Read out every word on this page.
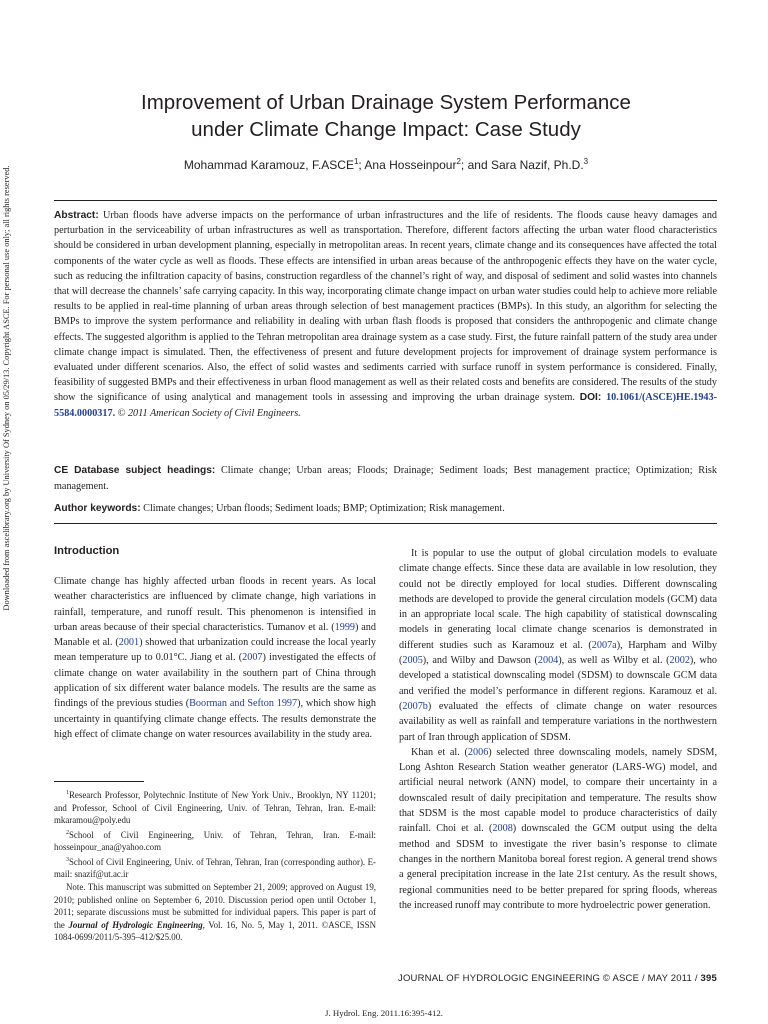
Downloaded from ascelibrary.org by University Of Sydney on 05/29/13. Copyright ASCE. For personal use only; all rights reserved.
Improvement of Urban Drainage System Performance
under Climate Change Impact: Case Study
Mohammad Karamouz, F.ASCE$^1$; Ana Hosseinpour$^2$; and Sara Nazif, Ph.D.$^3$

Abstract: Urban floods have adverse impacts on the performance of urban infrastructures and the life of residents. The floods cause heavy damages and perturbation in the serviceability of urban infrastructures as well as transportation. Therefore, different factors affecting the urban water flood characteristics should be considered in urban development planning, especially in metropolitan areas. In recent years, climate change and its consequences have affected the total components of the water cycle as well as floods. These effects are intensified in urban areas because of the anthropogenic effects they have on the water cycle, such as reducing the infiltration capacity of basins, construction regardless of the channel’s right of way, and disposal of sediment and solid wastes into channels that will decrease the channels’ safe carrying capacity. In this way, incorporating climate change impact on urban water studies could help to achieve more reliable results to be applied in real-time planning of urban areas through selection of best management practices (BMPs). In this study, an algorithm for selecting the BMPs to improve the system performance and reliability in dealing with urban flash floods is proposed that considers the anthropogenic and climate change effects. The suggested algorithm is applied to the Tehran metropolitan area drainage system as a case study. First, the future rainfall pattern of the study area under climate change impact is simulated. Then, the effectiveness of present and future development projects for improvement of drainage system performance is evaluated under different scenarios. Also, the effect of solid wastes and sediments carried with surface runoff in system performance is considered. Finally, feasibility of suggested BMPs and their effectiveness in urban flood management as well as their related costs and benefits are considered. The results of the study show the significance of using analytical and management tools in assessing and improving the urban drainage system. DOI: 10.1061/(ASCE)HE.1943-5584.0000317. © 2011 American Society of Civil Engineers.

CE Database subject headings: Climate change; Urban areas; Floods; Drainage; Sediment loads; Best management practice; Optimization; Risk management.

Author keywords: Climate changes; Urban floods; Sediment loads; BMP; Optimization; Risk management.

Introduction

Climate change has highly affected urban floods in recent years. As local weather characteristics are influenced by climate change, high variations in rainfall, temperature, and runoff result. This phenomenon is intensified in urban areas because of their special characteristics. Tumanov et al. (1999) and Manable et al. (2001) showed that urbanization could increase the local yearly mean temperature up to 0.01°C. Jiang et al. (2007) investigated the effects of climate change on water availability in the southern part of China through application of six different water balance models. The results are the same as findings of the previous studies (Boorman and Sefton 1997), which show high uncertainty in quantifying climate change effects. The results demonstrate the high effect of climate change on water resources availability in the study area.

$^1$Research Professor, Polytechnic Institute of New York Univ., Brooklyn, NY 11201; and Professor, School of Civil Engineering, Univ. of Tehran, Tehran, Iran. E-mail: mkaramou@poly.edu

$^2$School of Civil Engineering, Univ. of Tehran, Tehran, Iran. E-mail: hosseinpour_ana@yahoo.com

$^3$School of Civil Engineering, Univ. of Tehran, Tehran, Iran (corresponding author). E-mail: snazif@ut.ac.ir

Note. This manuscript was submitted on September 21, 2009; approved on August 19, 2010; published online on September 6, 2010. Discussion period open until October 1, 2011; separate discussions must be submitted for individual papers. This paper is part of the Journal of Hydrologic Engineering, Vol. 16, No. 5, May 1, 2011. ©ASCE, ISSN 1084-0699/2011/5-395–412/$25.00.

It is popular to use the output of global circulation models to evaluate climate change effects. Since these data are available in low resolution, they could not be directly employed for local studies. Different downscaling methods are developed to provide the general circulation models (GCM) data in an appropriate local scale. The high capability of statistical downscaling models in generating local climate change scenarios is demonstrated in different studies such as Karamouz et al. (2007a), Harpham and Wilby (2005), and Wilby and Dawson (2004), as well as Wilby et al. (2002), who developed a statistical downscaling model (SDSM) to downscale GCM data and verified the model’s performance in different regions. Karamouz et al. (2007b) evaluated the effects of climate change on water resources availability as well as rainfall and temperature variations in the northwestern part of Iran through application of SDSM.

Khan et al. (2006) selected three downscaling models, namely SDSM, Long Ashton Research Station weather generator (LARS-WG) model, and artificial neural network (ANN) model, to compare their uncertainty in a downscaled result of daily precipitation and temperature. The results show that SDSM is the most capable model to produce characteristics of daily rainfall. Choi et al. (2008) downscaled the GCM output using the delta method and SDSM to investigate the river basin’s response to climate changes in the northern Manitoba boreal forest region. A general trend shows a general precipitation increase in the late 21st century. As the result shows, regional communities need to be better prepared for spring floods, whereas the increased runoff may contribute to more hydroelectric power generation.

JOURNAL OF HYDROLOGIC ENGINEERING © ASCE / MAY 2011 / 395
J. Hydrol. Eng. 2011.16:395-412.
